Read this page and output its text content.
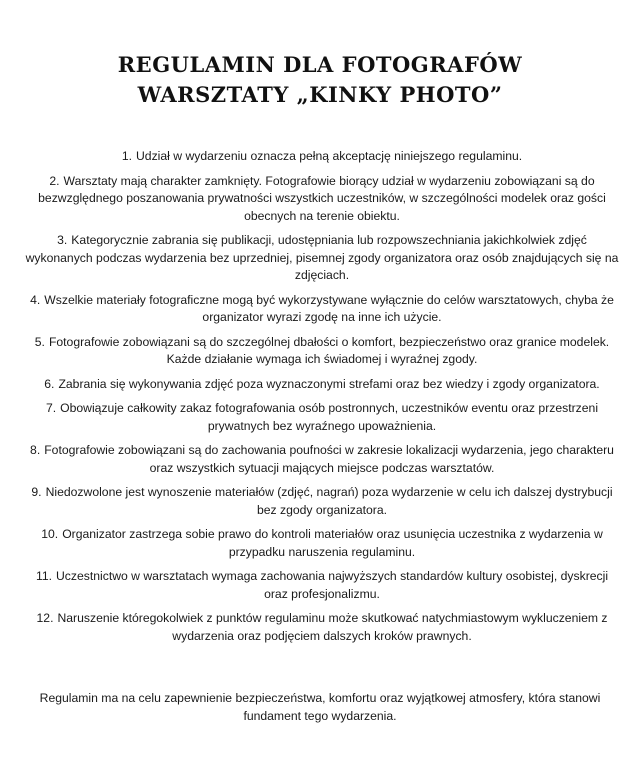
REGULAMIN DLA FOTOGRAFÓW
WARSZTATY „KINKY PHOTO”
1. Udział w wydarzeniu oznacza pełną akceptację niniejszego regulaminu.
2. Warsztaty mają charakter zamknięty. Fotografowie biorący udział w wydarzeniu zobowiązani są do bezwzględnego poszanowania prywatności wszystkich uczestników, w szczególności modelek oraz gości obecnych na terenie obiektu.
3. Kategorycznie zabrania się publikacji, udostępniania lub rozpowszechniania jakichkolwiek zdjęć wykonanych podczas wydarzenia bez uprzedniej, pisemnej zgody organizatora oraz osób znajdujących się na zdjęciach.
4. Wszelkie materiały fotograficzne mogą być wykorzystywane wyłącznie do celów warsztatowych, chyba że organizator wyrazi zgodę na inne ich użycie.
5. Fotografowie zobowiązani są do szczególnej dbałości o komfort, bezpieczeństwo oraz granice modelek. Każde działanie wymaga ich świadomej i wyraźnej zgody.
6. Zabrania się wykonywania zdjęć poza wyznaczonymi strefami oraz bez wiedzy i zgody organizatora.
7. Obowiązuje całkowity zakaz fotografowania osób postronnych, uczestników eventu oraz przestrzeni prywatnych bez wyraźnego upoważnienia.
8. Fotografowie zobowiązani są do zachowania poufności w zakresie lokalizacji wydarzenia, jego charakteru oraz wszystkich sytuacji mających miejsce podczas warsztatów.
9. Niedozwolone jest wynoszenie materiałów (zdjęć, nagrań) poza wydarzenie w celu ich dalszej dystrybucji bez zgody organizatora.
10. Organizator zastrzega sobie prawo do kontroli materiałów oraz usunięcia uczestnika z wydarzenia w przypadku naruszenia regulaminu.
11. Uczestnictwo w warsztatach wymaga zachowania najwyższych standardów kultury osobistej, dyskrecji oraz profesjonalizmu.
12. Naruszenie któregokolwiek z punktów regulaminu może skutkować natychmiastowym wykluczeniem z wydarzenia oraz podjęciem dalszych kroków prawnych.

Regulamin ma na celu zapewnienie bezpieczeństwa, komfortu oraz wyjątkowej atmosfery, która stanowi fundament tego wydarzenia.
